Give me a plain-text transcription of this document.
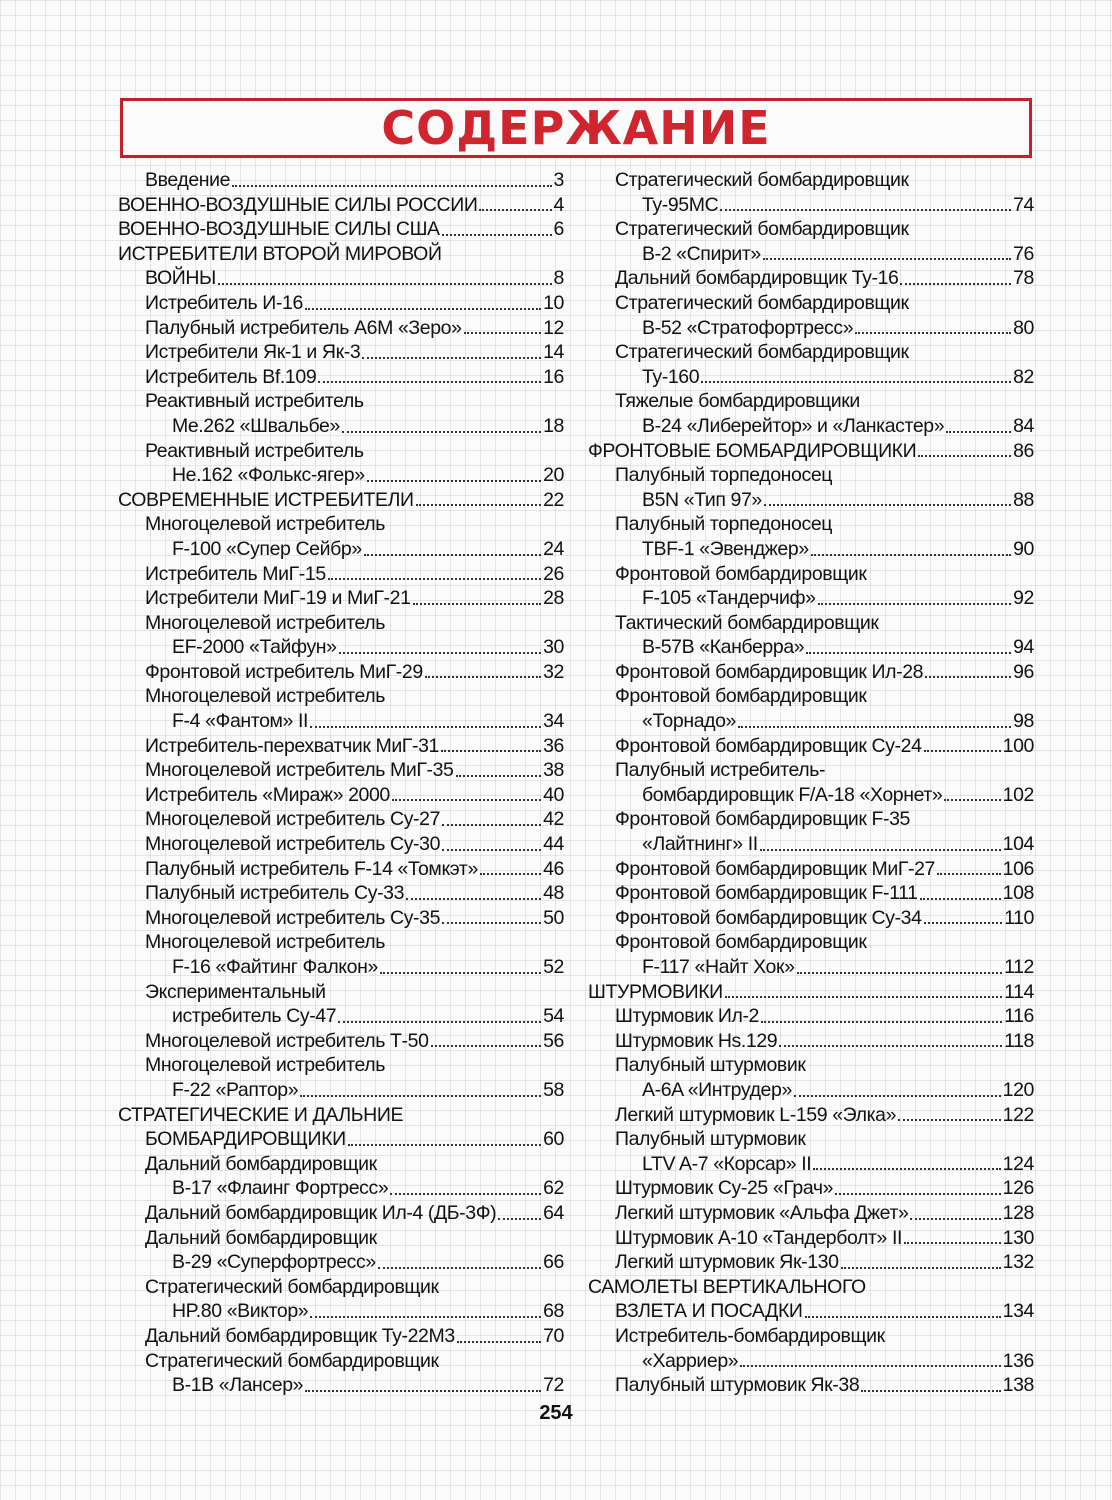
СОДЕРЖАНИЕ
Введение	3
ВОЕННО-ВОЗДУШНЫЕ СИЛЫ РОССИИ	4
ВОЕННО-ВОЗДУШНЫЕ СИЛЫ США	6
ИСТРЕБИТЕЛИ ВТОРОЙ МИРОВОЙ
ВОЙНЫ	8
Истребитель И-16	10
Палубный истребитель А6М «Зеро»	12
Истребители Як-1 и Як-3	14
Истребитель Bf.109	16
Реактивный истребитель
Me.262 «Швальбе»	18
Реактивный истребитель
He.162 «Фолькс-ягер»	20
СОВРЕМЕННЫЕ ИСТРЕБИТЕЛИ	22
Многоцелевой истребитель
F-100 «Супер Сейбр»	24
Истребитель МиГ-15	26
Истребители МиГ-19 и МиГ-21	28
Многоцелевой истребитель
EF-2000 «Тайфун»	30
Фронтовой истребитель МиГ-29	32
Многоцелевой истребитель
F-4 «Фантом» II	34
Истребитель-перехватчик МиГ-31	36
Многоцелевой истребитель МиГ-35	38
Истребитель «Мираж» 2000	40
Многоцелевой истребитель Су-27	42
Многоцелевой истребитель Су-30	44
Палубный истребитель F-14 «Томкэт»	46
Палубный истребитель Су-33	48
Многоцелевой истребитель Су-35	50
Многоцелевой истребитель
F-16 «Файтинг Фалкон»	52
Экспериментальный
истребитель Су-47	54
Многоцелевой истребитель Т-50	56
Многоцелевой истребитель
F-22 «Раптор»	58
СТРАТЕГИЧЕСКИЕ И ДАЛЬНИЕ
БОМБАРДИРОВЩИКИ	60
Дальний бомбардировщик
B-17 «Флаинг Фортресс»	62
Дальний бомбардировщик Ил-4 (ДБ-3Ф) 64
Дальний бомбардировщик
B-29 «Суперфортресс»	66
Стратегический бомбардировщик
HP.80 «Виктор»	68
Дальний бомбардировщик Ту-22М3	70
Стратегический бомбардировщик
B-1B «Лансер»	72
Стратегический бомбардировщик
Ту-95МС	74
Стратегический бомбардировщик
B-2 «Спирит»	76
Дальний бомбардировщик Ту-16	78
Стратегический бомбардировщик
B-52 «Стратофортресс»	80
Стратегический бомбардировщик
Ту-160	82
Тяжелые бомбардировщики
B-24 «Либерейтор» и «Ланкастер»	84
ФРОНТОВЫЕ БОМБАРДИРОВЩИКИ	86
Палубный торпедоносец
B5N «Тип 97»	88
Палубный торпедоносец
TBF-1 «Эвенджер»	90
Фронтовой бомбардировщик
F-105 «Тандерчиф»	92
Тактический бомбардировщик
B-57B «Канберра»	94
Фронтовой бомбардировщик Ил-28	96
Фронтовой бомбардировщик
«Торнадо»	98
Фронтовой бомбардировщик Су-24	100
Палубный истребитель-
бомбардировщик F/A-18 «Хорнет»	102
Фронтовой бомбардировщик F-35
«Лайтнинг» II	104
Фронтовой бомбардировщик МиГ-27	106
Фронтовой бомбардировщик F-111	108
Фронтовой бомбардировщик Су-34	110
Фронтовой бомбардировщик
F-117 «Найт Хок»	112
ШТУРМОВИКИ	114
Штурмовик Ил-2	116
Штурмовик Hs.129	118
Палубный штурмовик
A-6A «Интрудер»	120
Легкий штурмовик L-159 «Элка»	122
Палубный штурмовик
LTV A-7 «Корсар» II	124
Штурмовик Су-25 «Грач»	126
Легкий штурмовик «Альфа Джет»	128
Штурмовик А-10 «Тандерболт» II	130
Легкий штурмовик Як-130	132
САМОЛЕТЫ ВЕРТИКАЛЬНОГО
ВЗЛЕТА И ПОСАДКИ	134
Истребитель-бомбардировщик
«Харриер»	136
Палубный штурмовик Як-38	138
254
